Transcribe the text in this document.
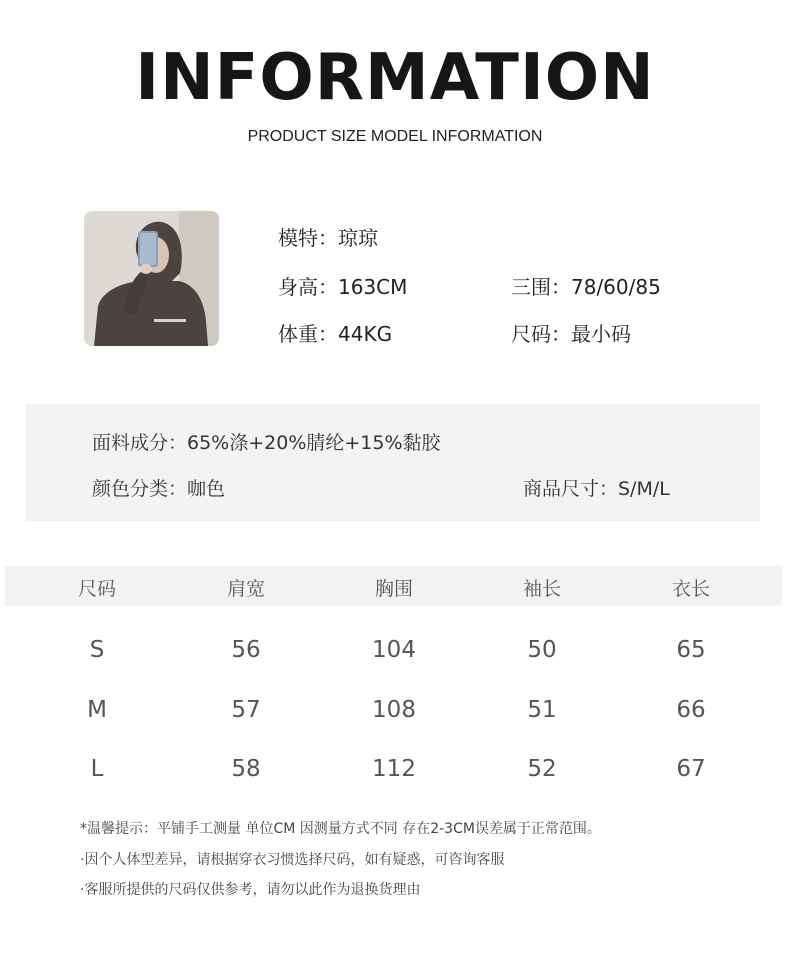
INFORMATION
PRODUCT SIZE MODEL INFORMATION
模特：琼琼
身高：163CM	三围：78/60/85
体重：44KG	尺码：最小码
面料成分：65%涤+20%腈纶+15%黏胶
颜色分类：咖色	商品尺寸：S/M/L
尺码	肩宽	胸围	袖长	衣长
S	56	104	50	65
M	57	108	51	66
L	58	112	52	67
*温馨提示：平铺手工测量 单位CM 因测量方式不同 存在2-3CM误差属于正常范围。
·因个人体型差异，请根据穿衣习惯选择尺码，如有疑惑，可咨询客服
·客服所提供的尺码仅供参考，请勿以此作为退换货理由
